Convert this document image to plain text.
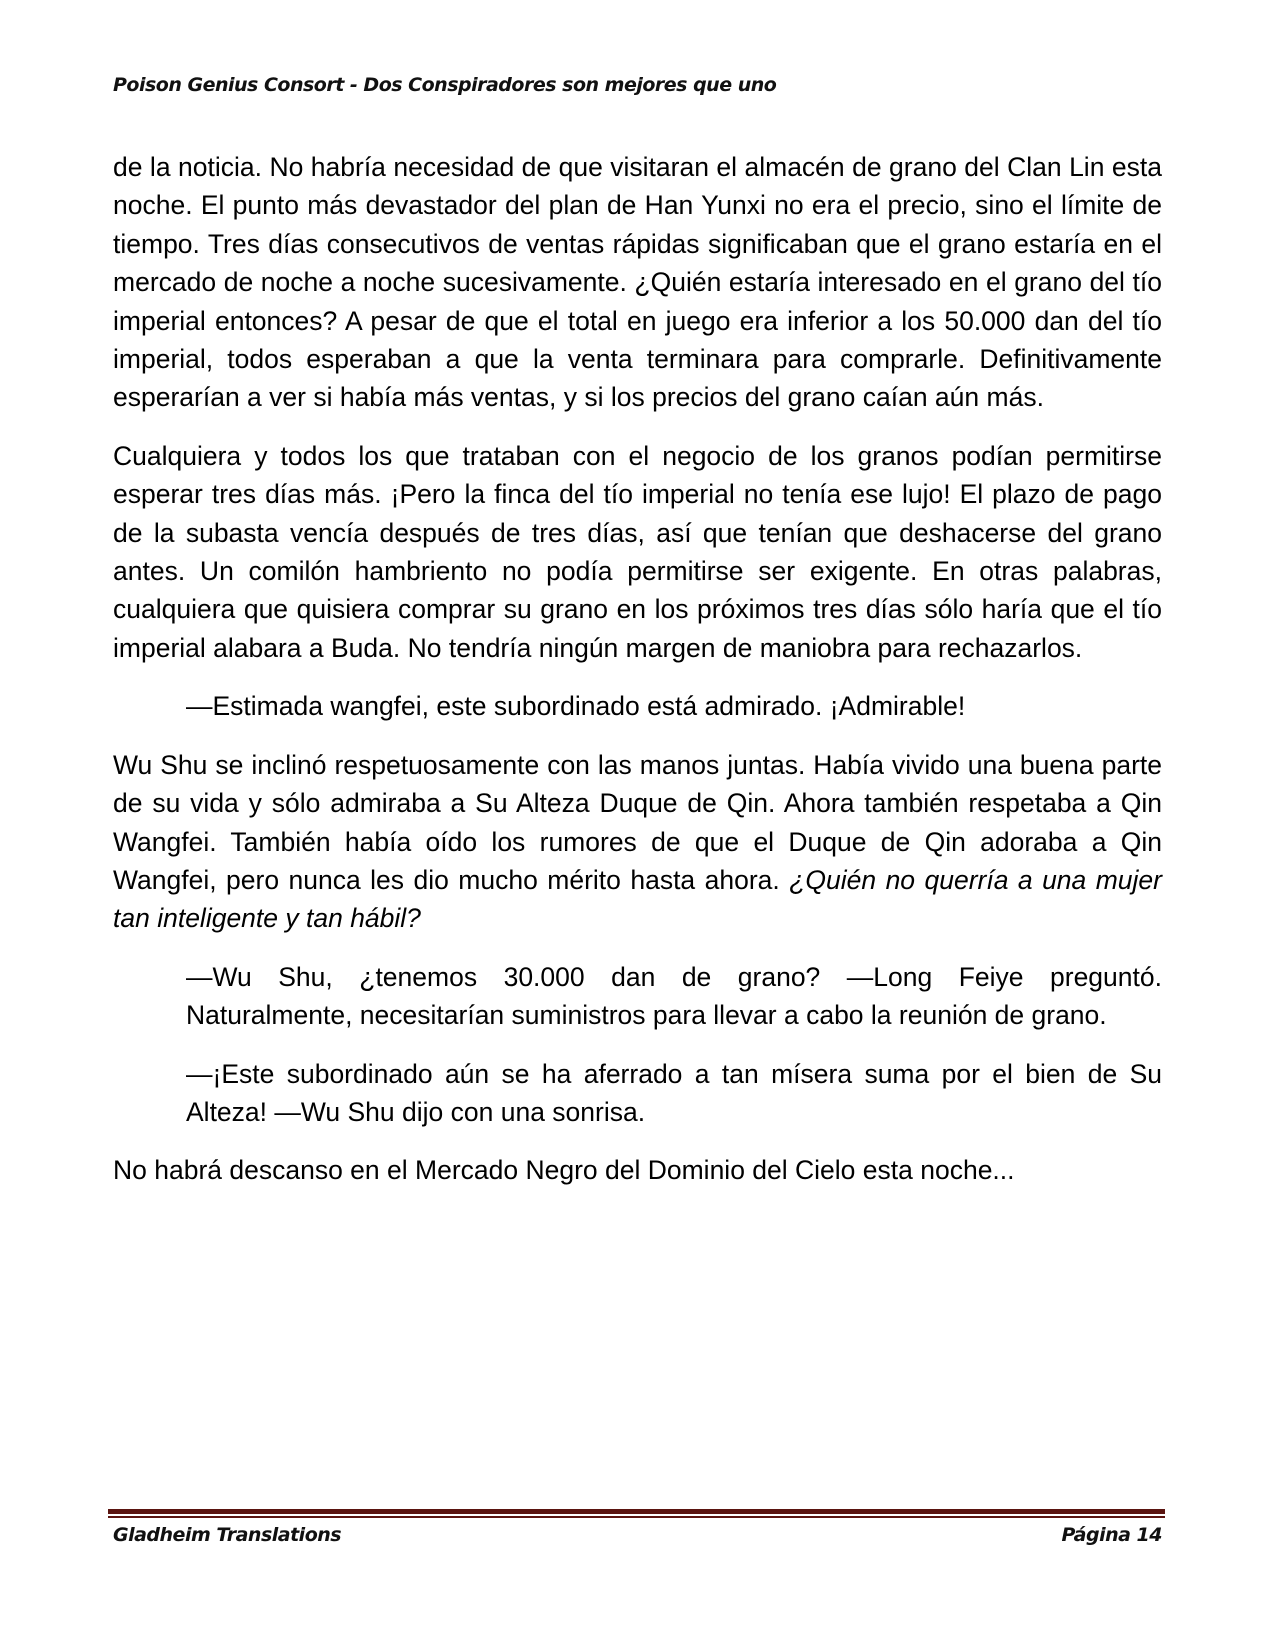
Poison Genius Consort - Dos Conspiradores son mejores que uno

de la noticia. No habría necesidad de que visitaran el almacén de grano del Clan Lin esta noche. El punto más devastador del plan de Han Yunxi no era el precio, sino el límite de tiempo. Tres días consecutivos de ventas rápidas significaban que el grano estaría en el mercado de noche a noche sucesivamente. ¿Quién estaría interesado en el grano del tío imperial entonces? A pesar de que el total en juego era inferior a los 50.000 dan del tío imperial, todos esperaban a que la venta terminara para comprarle. Definitivamente esperarían a ver si había más ventas, y si los precios del grano caían aún más.

Cualquiera y todos los que trataban con el negocio de los granos podían permitirse esperar tres días más. ¡Pero la finca del tío imperial no tenía ese lujo! El plazo de pago de la subasta vencía después de tres días, así que tenían que deshacerse del grano antes. Un comilón hambriento no podía permitirse ser exigente. En otras palabras, cualquiera que quisiera comprar su grano en los próximos tres días sólo haría que el tío imperial alabara a Buda. No tendría ningún margen de maniobra para rechazarlos.

—Estimada wangfei, este subordinado está admirado. ¡Admirable!

Wu Shu se inclinó respetuosamente con las manos juntas. Había vivido una buena parte de su vida y sólo admiraba a Su Alteza Duque de Qin. Ahora también respetaba a Qin Wangfei. También había oído los rumores de que el Duque de Qin adoraba a Qin Wangfei, pero nunca les dio mucho mérito hasta ahora. ¿Quién no querría a una mujer tan inteligente y tan hábil?

—Wu Shu, ¿tenemos 30.000 dan de grano? —Long Feiye preguntó. Naturalmente, necesitarían suministros para llevar a cabo la reunión de grano.

—¡Este subordinado aún se ha aferrado a tan mísera suma por el bien de Su Alteza! —Wu Shu dijo con una sonrisa.

No habrá descanso en el Mercado Negro del Dominio del Cielo esta noche...

Gladheim Translations	Página 14
